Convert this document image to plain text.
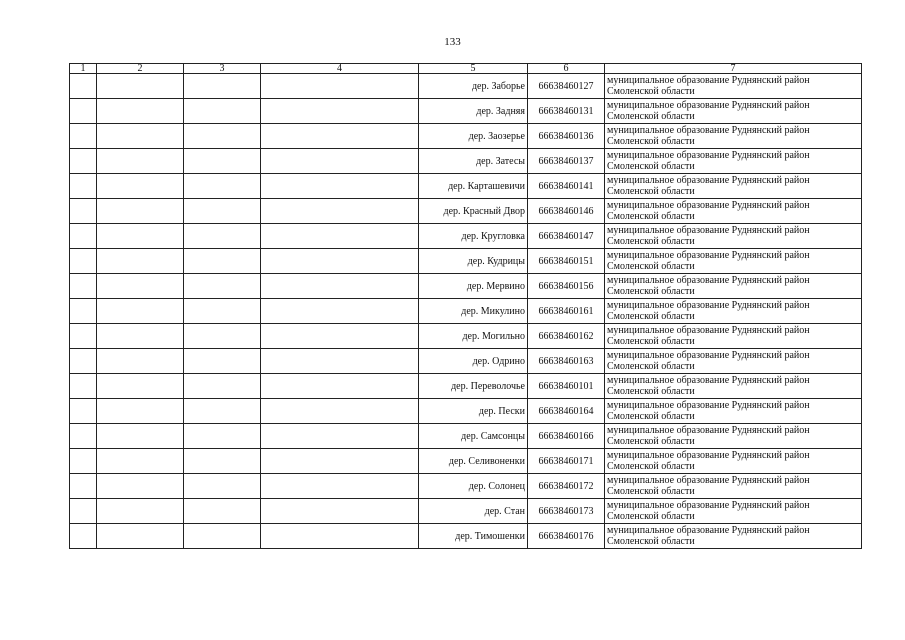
133
1	2	3	4	5	6	7
				дер. Заборье	66638460127	муниципальное образование Руднянский район
Смоленской области

				дер. Задняя	66638460131	муниципальное образование Руднянский район
Смоленской области

				дер. Заозерье	66638460136	муниципальное образование Руднянский район
Смоленской области

				дер. Затесы	66638460137	муниципальное образование Руднянский район
Смоленской области

				дер. Карташевичи	66638460141	муниципальное образование Руднянский район
Смоленской области

				дер. Красный Двор	66638460146	муниципальное образование Руднянский район
Смоленской области

				дер. Кругловка	66638460147	муниципальное образование Руднянский район
Смоленской области

				дер. Кудрицы	66638460151	муниципальное образование Руднянский район
Смоленской области

				дер. Мервино	66638460156	муниципальное образование Руднянский район
Смоленской области

				дер. Микулино	66638460161	муниципальное образование Руднянский район
Смоленской области

				дер. Могильно	66638460162	муниципальное образование Руднянский район
Смоленской области

				дер. Одрино	66638460163	муниципальное образование Руднянский район
Смоленской области

				дер. Переволочье	66638460101	муниципальное образование Руднянский район
Смоленской области

				дер. Пески	66638460164	муниципальное образование Руднянский район
Смоленской области

				дер. Самсонцы	66638460166	муниципальное образование Руднянский район
Смоленской области

				дер. Селивоненки	66638460171	муниципальное образование Руднянский район
Смоленской области

				дер. Солонец	66638460172	муниципальное образование Руднянский район
Смоленской области

				дер. Стан	66638460173	муниципальное образование Руднянский район
Смоленской области

				дер. Тимошенки	66638460176	муниципальное образование Руднянский район
Смоленской области
